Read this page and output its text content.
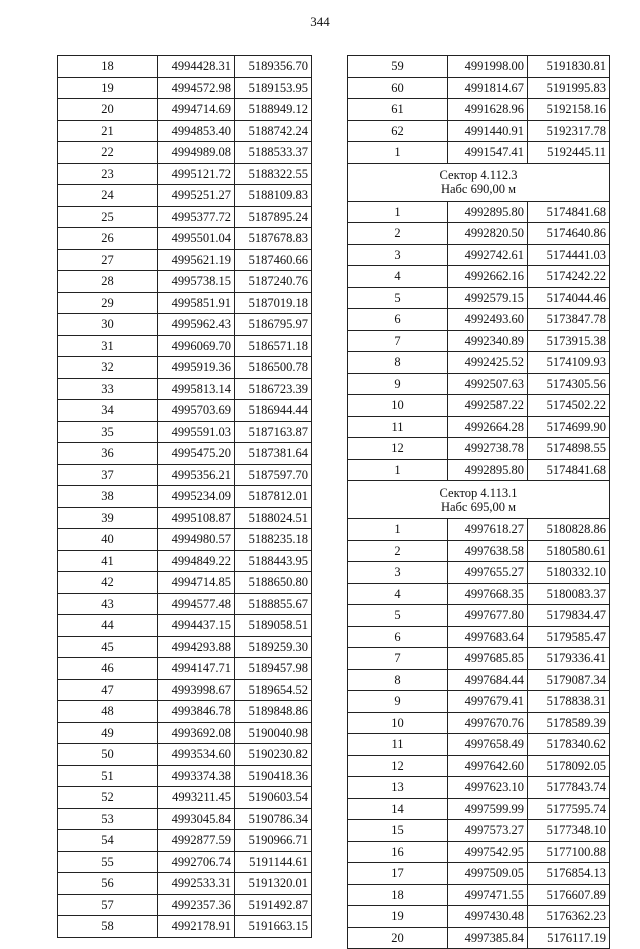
344
18	4994428.31	5189356.70
19	4994572.98	5189153.95
20	4994714.69	5188949.12
21	4994853.40	5188742.24
22	4994989.08	5188533.37
23	4995121.72	5188322.55
24	4995251.27	5188109.83
25	4995377.72	5187895.24
26	4995501.04	5187678.83
27	4995621.19	5187460.66
28	4995738.15	5187240.76
29	4995851.91	5187019.18
30	4995962.43	5186795.97
31	4996069.70	5186571.18
32	4995919.36	5186500.78
33	4995813.14	5186723.39
34	4995703.69	5186944.44
35	4995591.03	5187163.87
36	4995475.20	5187381.64
37	4995356.21	5187597.70
38	4995234.09	5187812.01
39	4995108.87	5188024.51
40	4994980.57	5188235.18
41	4994849.22	5188443.95
42	4994714.85	5188650.80
43	4994577.48	5188855.67
44	4994437.15	5189058.51
45	4994293.88	5189259.30
46	4994147.71	5189457.98
47	4993998.67	5189654.52
48	4993846.78	5189848.86
49	4993692.08	5190040.98
50	4993534.60	5190230.82
51	4993374.38	5190418.36
52	4993211.45	5190603.54
53	4993045.84	5190786.34
54	4992877.59	5190966.71
55	4992706.74	5191144.61
56	4992533.31	5191320.01
57	4992357.36	5191492.87
58	4992178.91	5191663.15
59	4991998.00	5191830.81
60	4991814.67	5191995.83
61	4991628.96	5192158.16
62	4991440.91	5192317.78
1	4991547.41	5192445.11

Сектор 4.112.3
Набс 690,00 м		

1	4992895.80	5174841.68
2	4992820.50	5174640.86
3	4992742.61	5174441.03
4	4992662.16	5174242.22
5	4992579.15	5174044.46
6	4992493.60	5173847.78
7	4992340.89	5173915.38
8	4992425.52	5174109.93
9	4992507.63	5174305.56
10	4992587.22	5174502.22
11	4992664.28	5174699.90
12	4992738.78	5174898.55
1	4992895.80	5174841.68

Сектор 4.113.1
Набс 695,00 м		

1	4997618.27	5180828.86
2	4997638.58	5180580.61
3	4997655.27	5180332.10
4	4997668.35	5180083.37
5	4997677.80	5179834.47
6	4997683.64	5179585.47
7	4997685.85	5179336.41
8	4997684.44	5179087.34
9	4997679.41	5178838.31
10	4997670.76	5178589.39
11	4997658.49	5178340.62
12	4997642.60	5178092.05
13	4997623.10	5177843.74
14	4997599.99	5177595.74
15	4997573.27	5177348.10
16	4997542.95	5177100.88
17	4997509.05	5176854.13
18	4997471.55	5176607.89
19	4997430.48	5176362.23
20	4997385.84	5176117.19
